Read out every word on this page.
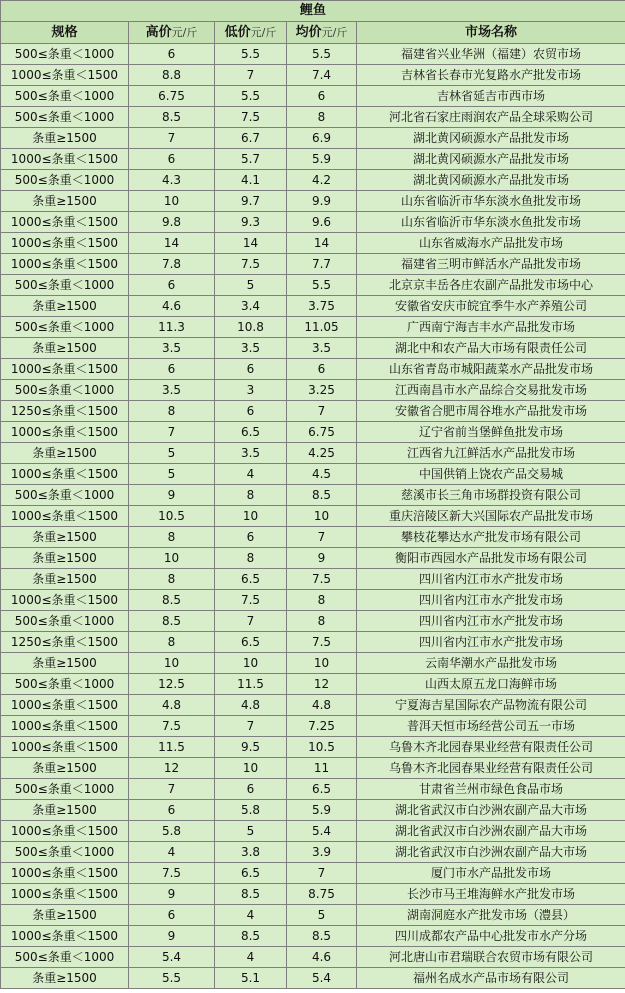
鲤鱼				
规格	高价元/斤	低价元/斤	均价元/斤	市场名称
500≤条重＜1000	6	5.5	5.5	福建省兴业华洲（福建）农贸市场
1000≤条重＜1500	8.8	7	7.4	吉林省长春市光复路水产批发市场
500≤条重＜1000	6.75	5.5	6	吉林省延吉市西市场
500≤条重＜1000	8.5	7.5	8	河北省石家庄雨润农产品全球采购公司
条重≥1500	7	6.7	6.9	湖北黄冈硕源水产品批发市场
1000≤条重＜1500	6	5.7	5.9	湖北黄冈硕源水产品批发市场
500≤条重＜1000	4.3	4.1	4.2	湖北黄冈硕源水产品批发市场
条重≥1500	10	9.7	9.9	山东省临沂市华东淡水鱼批发市场
1000≤条重＜1500	9.8	9.3	9.6	山东省临沂市华东淡水鱼批发市场
1000≤条重＜1500	14	14	14	山东省威海水产品批发市场
1000≤条重＜1500	7.8	7.5	7.7	福建省三明市鲜活水产品批发市场
500≤条重＜1000	6	5	5.5	北京京丰岳各庄农副产品批发市场中心
条重≥1500	4.6	3.4	3.75	安徽省安庆市皖宜季牛水产养殖公司
500≤条重＜1000	11.3	10.8	11.05	广西南宁海吉丰水产品批发市场
条重≥1500	3.5	3.5	3.5	湖北中和农产品大市场有限责任公司
1000≤条重＜1500	6	6	6	山东省青岛市城阳蔬菜水产品批发市场
500≤条重＜1000	3.5	3	3.25	江西南昌市水产品综合交易批发市场
1250≤条重＜1500	8	6	7	安徽省合肥市周谷堆水产品批发市场
1000≤条重＜1500	7	6.5	6.75	辽宁省前当堡鲜鱼批发市场
条重≥1500	5	3.5	4.25	江西省九江鲜活水产品批发市场
1000≤条重＜1500	5	4	4.5	中国供销上饶农产品交易城
500≤条重＜1000	9	8	8.5	慈溪市长三角市场群投资有限公司
1000≤条重＜1500	10.5	10	10	重庆涪陵区新大兴国际农产品批发市场
条重≥1500	8	6	7	攀枝花攀达水产批发市场有限公司
条重≥1500	10	8	9	衡阳市西园水产品批发市场有限公司
条重≥1500	8	6.5	7.5	四川省内江市水产批发市场
1000≤条重＜1500	8.5	7.5	8	四川省内江市水产批发市场
500≤条重＜1000	8.5	7	8	四川省内江市水产批发市场
1250≤条重＜1500	8	6.5	7.5	四川省内江市水产批发市场
条重≥1500	10	10	10	云南华潮水产品批发市场
500≤条重＜1000	12.5	11.5	12	山西太原五龙口海鲜市场
1000≤条重＜1500	4.8	4.8	4.8	宁夏海吉星国际农产品物流有限公司
1000≤条重＜1500	7.5	7	7.25	普洱天恒市场经营公司五一市场
1000≤条重＜1500	11.5	9.5	10.5	乌鲁木齐北园春果业经营有限责任公司
条重≥1500	12	10	11	乌鲁木齐北园春果业经营有限责任公司
500≤条重＜1000	7	6	6.5	甘肃省兰州市绿色食品市场
条重≥1500	6	5.8	5.9	湖北省武汉市白沙洲农副产品大市场
1000≤条重＜1500	5.8	5	5.4	湖北省武汉市白沙洲农副产品大市场
500≤条重＜1000	4	3.8	3.9	湖北省武汉市白沙洲农副产品大市场
1000≤条重＜1500	7.5	6.5	7	厦门市水产品批发市场
1000≤条重＜1500	9	8.5	8.75	长沙市马王堆海鲜水产批发市场
条重≥1500	6	4	5	湖南洞庭水产批发市场（澧县）
1000≤条重＜1500	9	8.5	8.5	四川成都农产品中心批发市水产分场
500≤条重＜1000	5.4	4	4.6	河北唐山市君瑞联合农贸市场有限公司
条重≥1500	5.5	5.1	5.4	福州名成水产品市场有限公司
